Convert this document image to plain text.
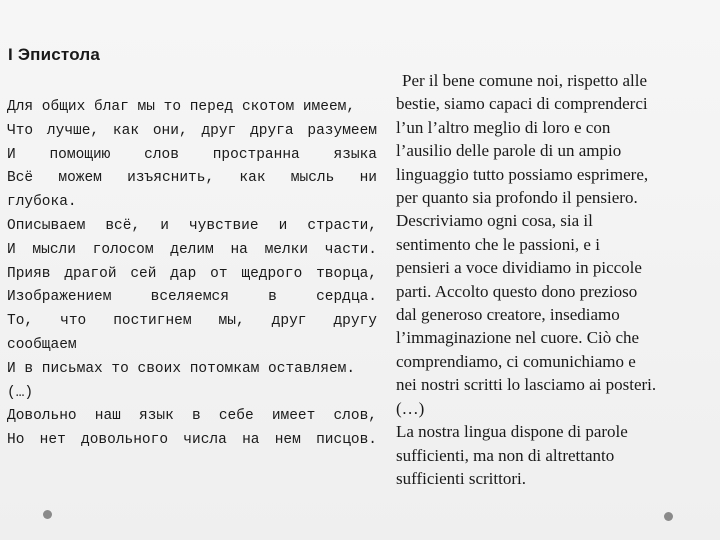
I Эпистола
Для общих благ мы то перед скотом имеем,
Что лучше, как они, друг друга разумеем
И помощию слов пространна языка
Всё можем изъяснить, как мысль ни
глубока.
Описываем всё, и чувствие и страсти,
И мысли голосом делим на мелки части.
Прияв драгой сей дар от щедрого творца,
Изображением вселяемся в сердца.
То, что постигнем мы, друг другу
сообщаем
И в письмах то своих потомкам оставляем.
(…)
Довольно наш язык в себе имеет слов,
Но нет довольного числа на нем писцов.
Per il bene comune noi, rispetto alle
bestie, siamo capaci di comprenderci
l’un l’altro meglio di loro e con
l’ausilio delle parole di un ampio
linguaggio tutto possiamo esprimere,
per quanto sia profondo il pensiero.
Descriviamo ogni cosa, sia il
sentimento che le passioni, e i
pensieri a voce dividiamo in piccole
parti. Accolto questo dono prezioso
dal generoso creatore, insediamo
l’immaginazione nel cuore. Ciò che
comprendiamo, ci comunichiamo e
nei nostri scritti lo lasciamo ai posteri.
(…)
La nostra lingua dispone di parole
sufficienti, ma non di altrettanto
sufficienti scrittori.
